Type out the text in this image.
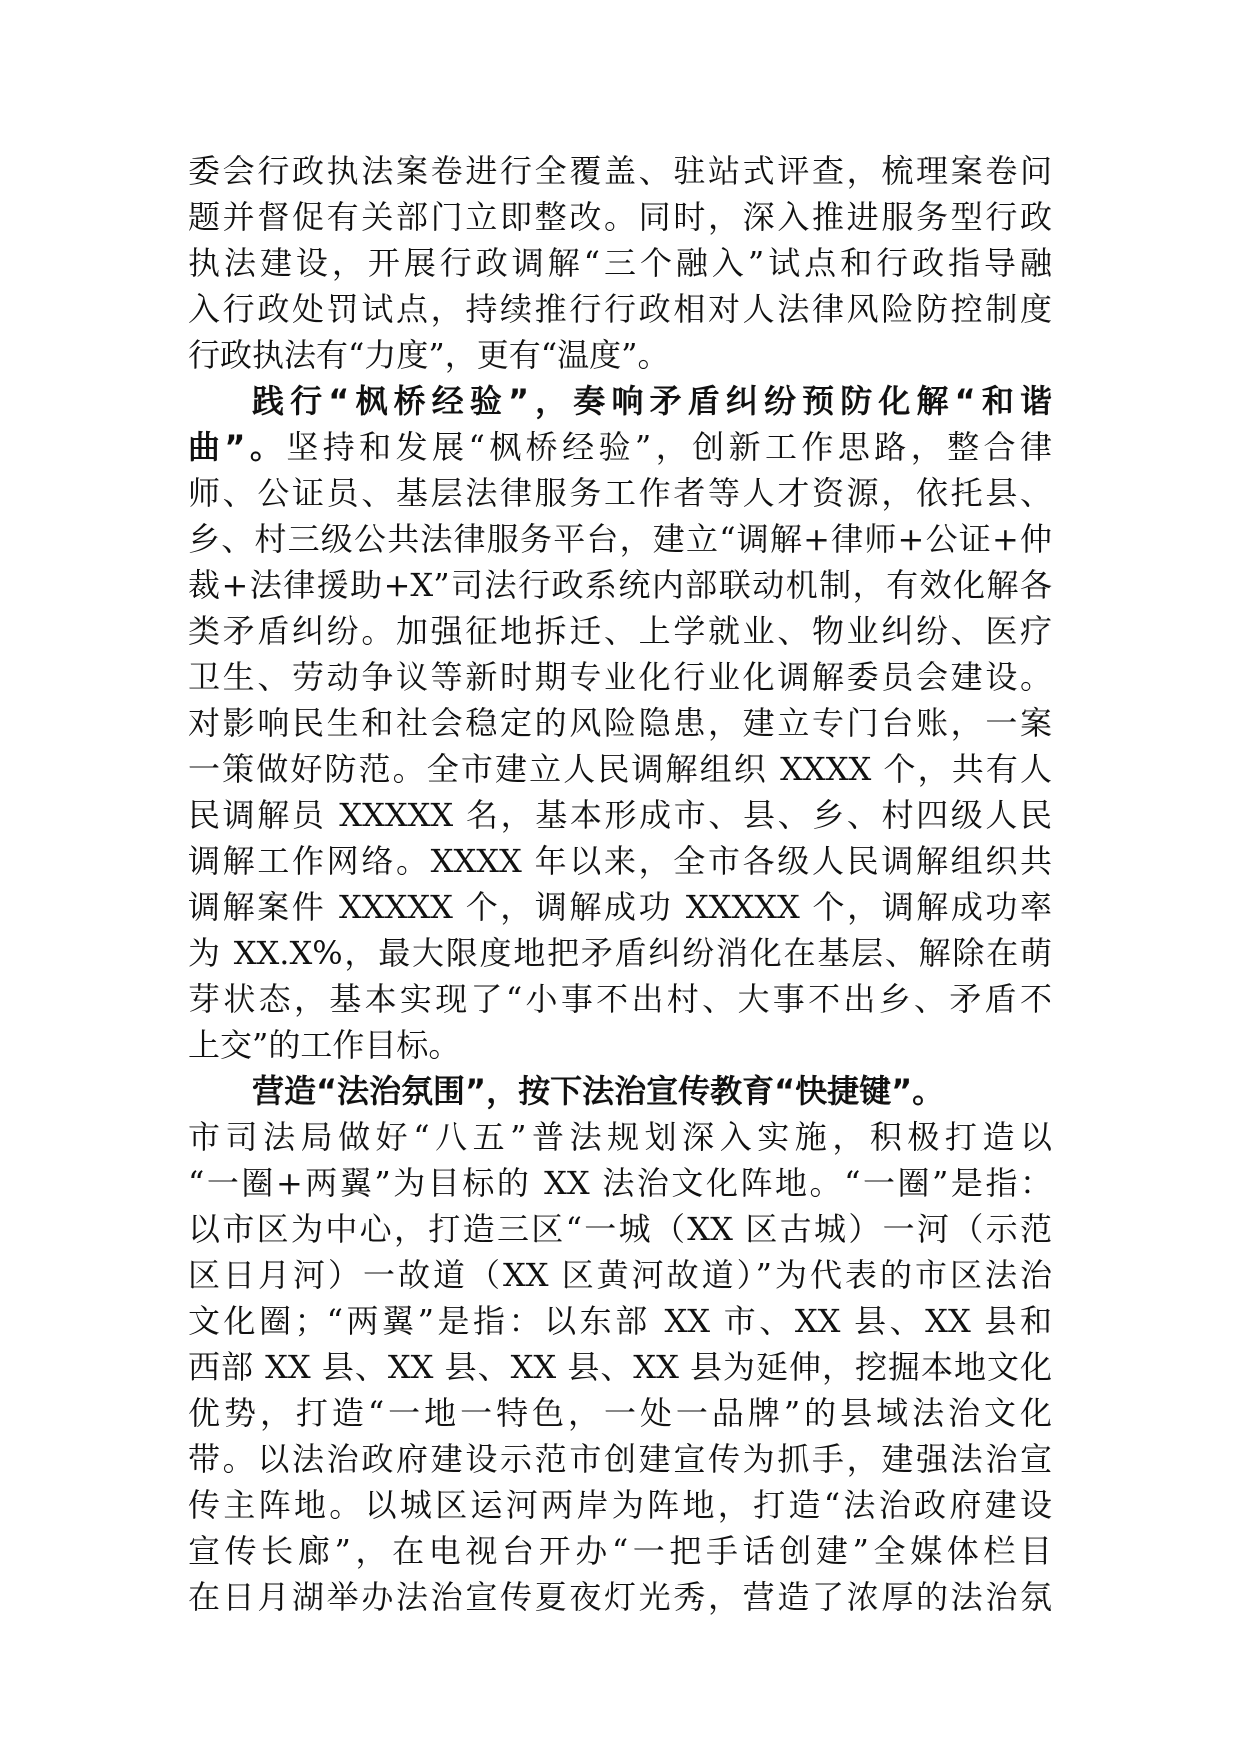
委会行政执法案卷进行全覆盖、驻站式评查，梳理案卷问
题并督促有关部门立即整改。同时，深入推进服务型行政
执法建设，开展行政调解“三个融入”试点和行政指导融
入行政处罚试点，持续推行行政相对人法律风险防控制度
行政执法有“力度”，更有“温度”。
践行“枫桥经验”，奏响矛盾纠纷预防化解“和谐
曲”。坚持和发展“枫桥经验”，创新工作思路，整合律
师、公证员、基层法律服务工作者等人才资源，依托县、
乡、村三级公共法律服务平台，建立“调解+律师+公证+仲
裁+法律援助+X”司法行政系统内部联动机制，有效化解各
类矛盾纠纷。加强征地拆迁、上学就业、物业纠纷、医疗
卫生、劳动争议等新时期专业化行业化调解委员会建设。
对影响民生和社会稳定的风险隐患，建立专门台账，一案
一策做好防范。全市建立人民调解组织 XXXX 个，共有人
民调解员 XXXXX 名，基本形成市、县、乡、村四级人民
调解工作网络。XXXX 年以来，全市各级人民调解组织共
调解案件 XXXXX 个，调解成功 XXXXX 个，调解成功率
为 XX.X%，最大限度地把矛盾纠纷消化在基层、解除在萌
芽状态，基本实现了“小事不出村、大事不出乡、矛盾不
上交”的工作目标。
营造“法治氛围”，按下法治宣传教育“快捷键”。
市司法局做好“八五”普法规划深入实施，积极打造以
“一圈+两翼”为目标的 XX 法治文化阵地。“一圈”是指：
以市区为中心，打造三区“一城（XX 区古城）一河（示范
区日月河）一故道（XX 区黄河故道）”为代表的市区法治
文化圈；“两翼”是指：以东部 XX 市、XX 县、XX 县和
西部 XX 县、XX 县、XX 县、XX 县为延伸，挖掘本地文化
优势，打造“一地一特色，一处一品牌”的县域法治文化
带。以法治政府建设示范市创建宣传为抓手，建强法治宣
传主阵地。以城区运河两岸为阵地，打造“法治政府建设
宣传长廊”，在电视台开办“一把手话创建”全媒体栏目
在日月湖举办法治宣传夏夜灯光秀，营造了浓厚的法治氛
